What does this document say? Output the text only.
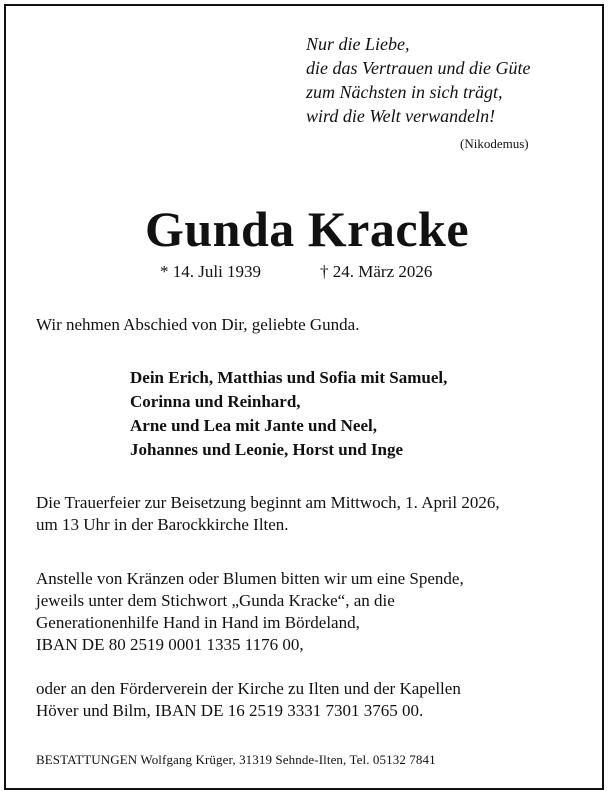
Nur die Liebe,
die das Vertrauen und die Güte
zum Nächsten in sich trägt,
wird die Welt verwandeln!
(Nikodemus)
Gunda Kracke
* 14. Juli 1939	† 24. März 2026
Wir nehmen Abschied von Dir, geliebte Gunda.
Dein Erich, Matthias und Sofia mit Samuel,
Corinna und Reinhard,
Arne und Lea mit Jante und Neel,
Johannes und Leonie, Horst und Inge
Die Trauerfeier zur Beisetzung beginnt am Mittwoch, 1. April 2026,
um 13 Uhr in der Barockkirche Ilten.
Anstelle von Kränzen oder Blumen bitten wir um eine Spende,
jeweils unter dem Stichwort „Gunda Kracke“, an die
Generationenhilfe Hand in Hand im Bördeland,
IBAN DE 80 2519 0001 1335 1176 00,
oder an den Förderverein der Kirche zu Ilten und der Kapellen
Höver und Bilm, IBAN DE 16 2519 3331 7301 3765 00.
BESTATTUNGEN Wolfgang Krüger, 31319 Sehnde-Ilten, Tel. 05132 7841
